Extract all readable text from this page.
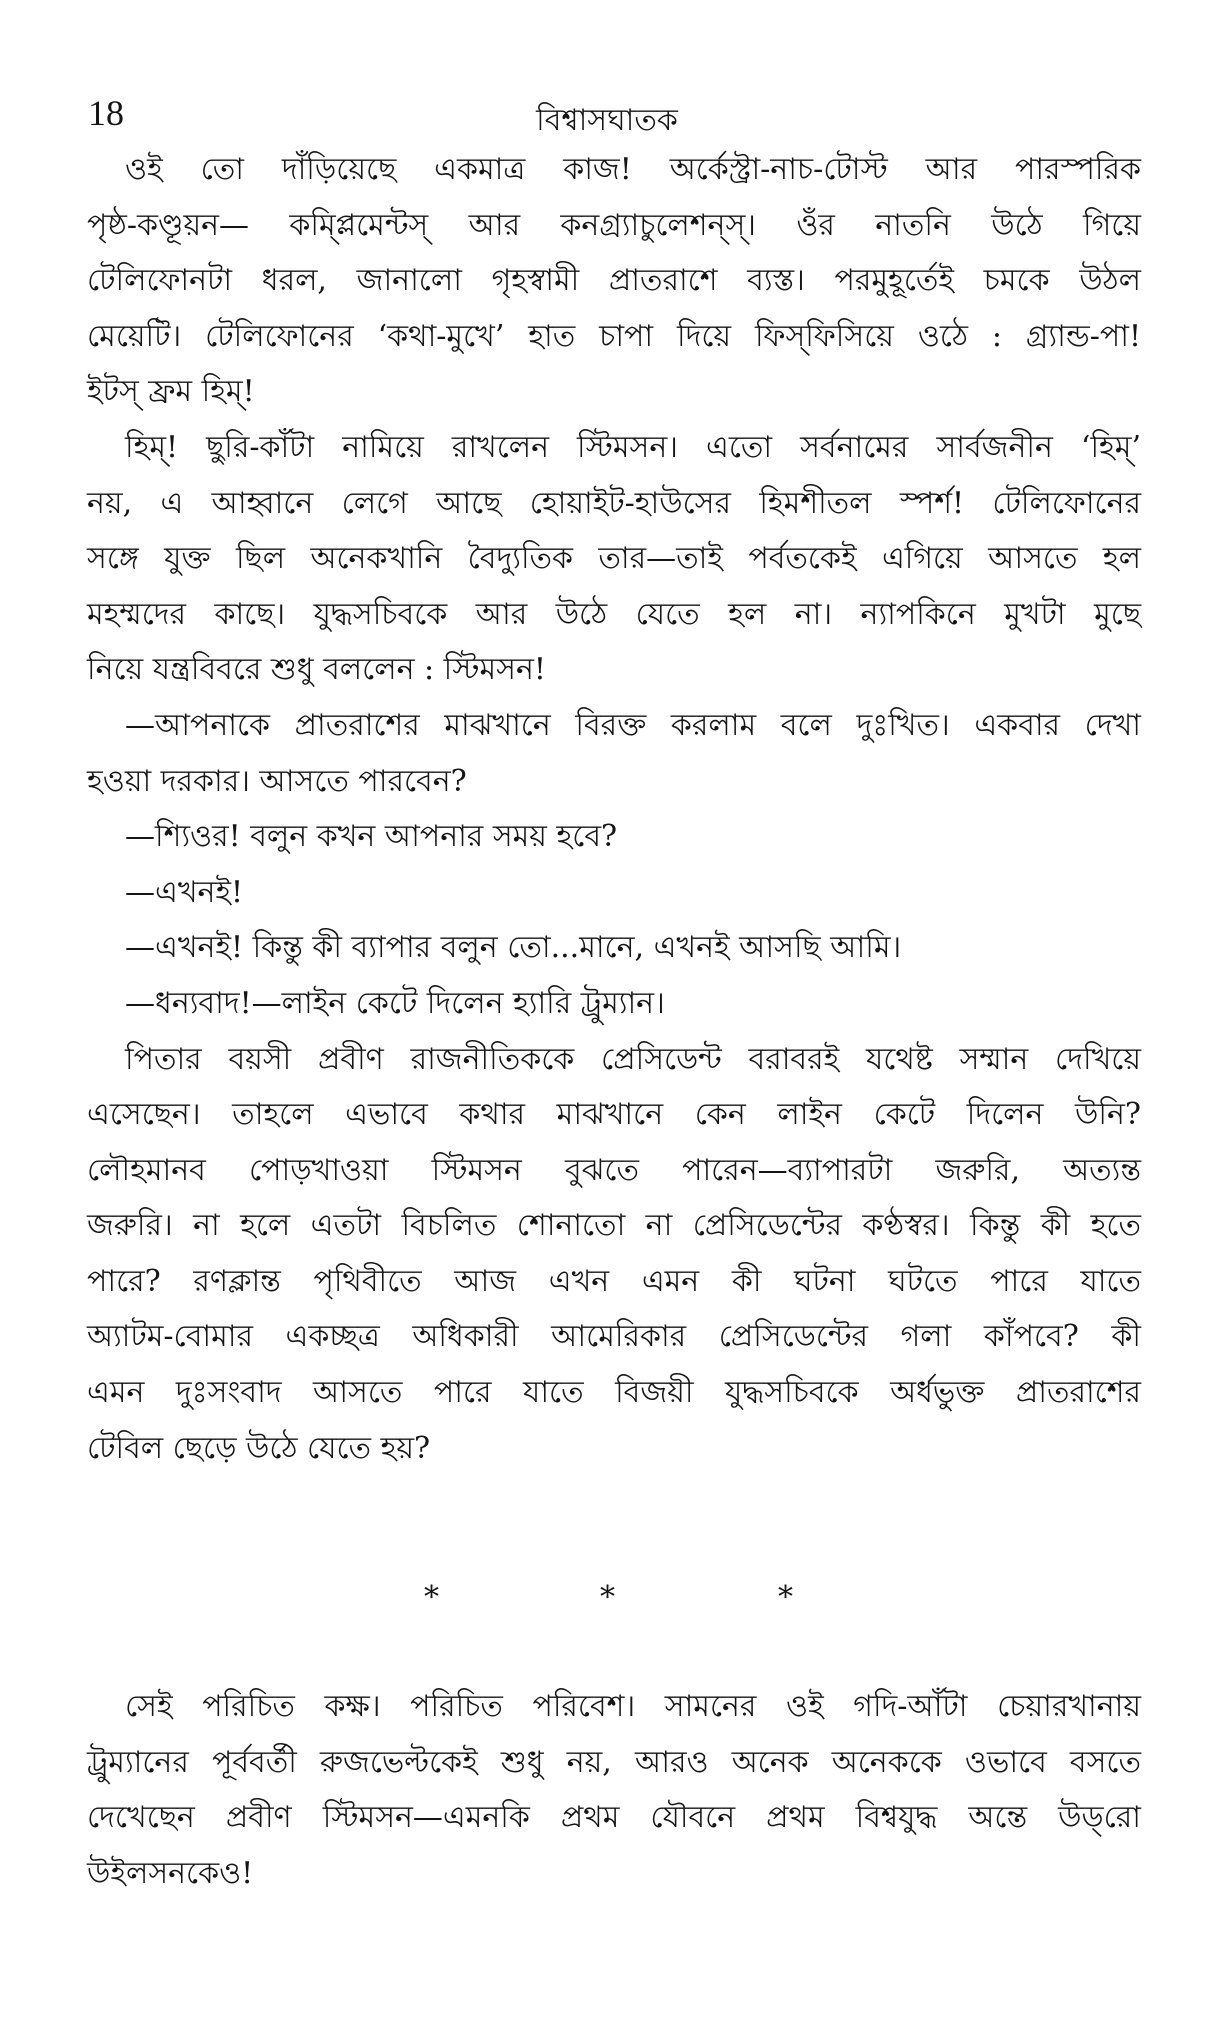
18	বিশ্বাসঘাতক
ওই তো দাঁড়িয়েছে একমাত্র কাজ! অর্কেস্ট্রা-নাচ-টোস্ট আর পারস্পরিক
পৃষ্ঠ-কণ্ডূয়ন— কম্প্লিমেন্টস্ আর কনগ্র্যাচুলেশন্স্। ওঁর নাতনি উঠে গিয়ে
টেলিফোনটা ধরল, জানালো গৃহস্বামী প্রাতরাশে ব্যস্ত। পরমুহূর্তেই চমকে উঠল
মেয়েটি। টেলিফোনের ‘কথা-মুখে’ হাত চাপা দিয়ে ফিস্‌ফিসিয়ে ওঠে : গ্র্যান্ড-পা!
ইটস্ ফ্রম হিম্!
হিম্! ছুরি-কাঁটা নামিয়ে রাখলেন স্টিমসন। এতো সর্বনামের সার্বজনীন ‘হিম্’
নয়, এ আহ্বানে লেগে আছে হোয়াইট-হাউসের হিমশীতল স্পর্শ! টেলিফোনের
সঙ্গে যুক্ত ছিল অনেকখানি বৈদ্যুতিক তার—তাই পর্বতকেই এগিয়ে আসতে হল
মহম্মদের কাছে। যুদ্ধসচিবকে আর উঠে যেতে হল না। ন্যাপকিনে মুখটা মুছে
নিয়ে যন্ত্রবিবরে শুধু বললেন : স্টিমসন!
—আপনাকে প্রাতরাশের মাঝখানে বিরক্ত করলাম বলে দুঃখিত। একবার দেখা
হওয়া দরকার। আসতে পারবেন?
—শ্যিওর! বলুন কখন আপনার সময় হবে?
—এখনই!
—এখনই! কিন্তু কী ব্যাপার বলুন তো...মানে, এখনই আসছি আমি।
—ধন্যবাদ!—লাইন কেটে দিলেন হ্যারি ট্রুম্যান।
পিতার বয়সী প্রবীণ রাজনীতিককে প্রেসিডেন্ট বরাবরই যথেষ্ট সম্মান দেখিয়ে
এসেছেন। তাহলে এভাবে কথার মাঝখানে কেন লাইন কেটে দিলেন উনি?
লৌহমানব পোড়খাওয়া স্টিমসন বুঝতে পারেন—ব্যাপারটা জরুরি, অত্যন্ত
জরুরি। না হলে এতটা বিচলিত শোনাতো না প্রেসিডেন্টের কণ্ঠস্বর। কিন্তু কী হতে
পারে? রণক্লান্ত পৃথিবীতে আজ এখন এমন কী ঘটনা ঘটতে পারে যাতে
অ্যাটম-বোমার একচ্ছত্র অধিকারী আমেরিকার প্রেসিডেন্টের গলা কাঁপবে? কী
এমন দুঃসংবাদ আসতে পারে যাতে বিজয়ী যুদ্ধসচিবকে অর্ধভুক্ত প্রাতরাশের
টেবিল ছেড়ে উঠে যেতে হয়?
*	*	*
সেই পরিচিত কক্ষ। পরিচিত পরিবেশ। সামনের ওই গদি-আঁটা চেয়ারখানায়
ট্রুম্যানের পূর্ববর্তী রুজভেল্টকেই শুধু নয়, আরও অনেক অনেককে ওভাবে বসতে
দেখেছেন প্রবীণ স্টিমসন—এমনকি প্রথম যৌবনে প্রথম বিশ্বযুদ্ধ অন্তে উড্‌রো
উইলসনকেও!
